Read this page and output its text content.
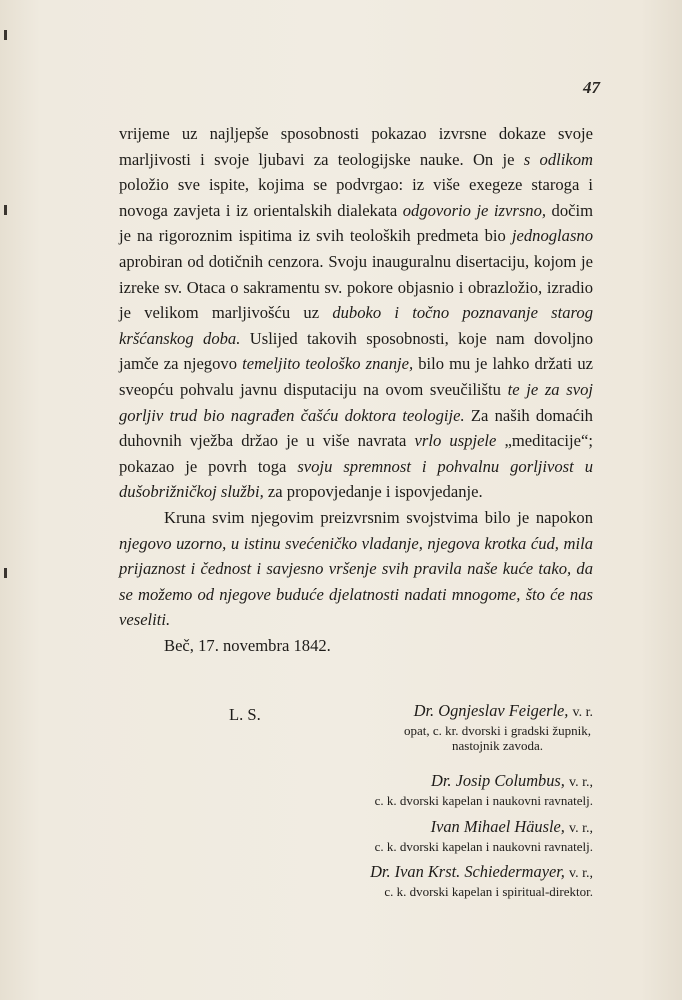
47

vrijeme uz najljepše sposobnosti pokazao izvrsne dokaze svoje marljivosti i svoje ljubavi za teologijske nauke. On je s odlikom položio sve ispite, kojima se podvrgao: iz više exegeze staroga i novoga zavjeta i iz orientalskih dialekata odgovorio je izvrsno, dočim je na rigoroznim ispitima iz svih teoloških predmeta bio jednoglasno aprobiran od dotičnih cenzora. Svoju inauguralnu disertaciju, kojom je izreke sv. Otaca o sakramentu sv. pokore objasnio i obrazložio, izradio je velikom marljivošću uz duboko i točno poznavanje starog kršćanskog doba. Uslijed takovih sposobnosti, koje nam dovoljno jamče za njegovo temeljito teološko znanje, bilo mu je lahko držati uz sveopću pohvalu javnu disputaciju na ovom sveučilištu te je za svoj gorljiv trud bio nagrađen čašću doktora teologije. Za naših domaćih duhovnih vježba držao je u više navrata vrlo uspjele „meditacije“; pokazao je povrh toga svoju spremnost i pohvalnu gorljivost u dušobrižničkoj službi, za propovjedanje i ispovjedanje.

Kruna svim njegovim preizvrsnim svojstvima bilo je napokon njegovo uzorno, u istinu svećeničko vladanje, njegova krotka ćud, mila prijaznost i čednost i savjesno vršenje svih pravila naše kuće tako, da se možemo od njegove buduće djelatnosti nadati mnogome, što će nas veseliti.

Beč, 17. novembra 1842.

L. S.	Dr. Ognjeslav Feigerle, v. r.
opat, c. kr. dvorski i gradski župnik,
nastojnik zavoda.
Dr. Josip Columbus, v. r.,
c. k. dvorski kapelan i naukovni ravnatelj.
Ivan Mihael Häusle, v. r.,
c. k. dvorski kapelan i naukovni ravnatelj.
Dr. Ivan Krst. Schiedermayer, v. r.,
c. k. dvorski kapelan i spiritual-direktor.
